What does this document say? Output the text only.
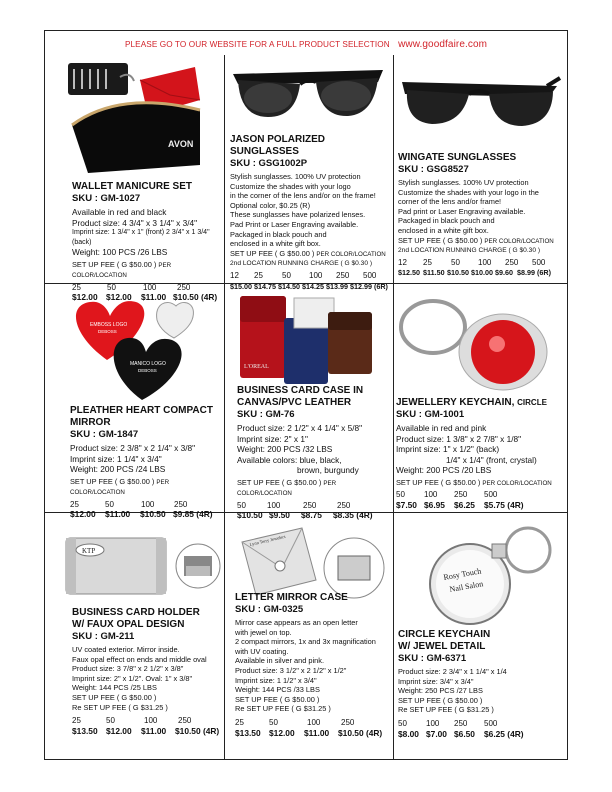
PLEASE GO TO OUR WEBSITE FOR A FULL PRODUCT SELECTION www.goodfaire.com
AVON
WALLET MANICURE SET
SKU : GM-1027
Available in red and black
Product size: 4 3/4" x 3 1/4" x 3/4"
Imprint size: 1 3/4" x 1" (front) 2 3/4" x 1 3/4" (back)
Weight: 100 PCS /26 LBS
SET UP FEE ( G $50.00 ) PER COLOR/LOCATION
25	50	100	250
$12.00 $12.00	$11.00 $10.50 (4R)
JASON POLARIZED SUNGLASSES
SKU : GSG1002P
Stylish sunglasses. 100% UV protection
Customize the shades with your logo
in the corner of the lens and/or on the frame!
Optional color, $0.25 (R)
These sunglasses have polarized lenses.
Pad Print or Laser Engraving available.
Packaged in black pouch and
enclosed in a white gift box.
SET UP FEE ( G $50.00 ) PER COLOR/LOCATION
2nd LOCATION RUNNING CHARGE ( G $0.30 )
12	25	50	100	250	500
$15.00 $14.75 $14.50 $14.25 $13.99 $12.99 (6R)
WINGATE SUNGLASSES
SKU : GSG8527
Stylish sunglasses. 100% UV protection
Customize the shades with your logo in the
corner of the lens and/or frame!
Pad print or Laser Engraving available.
Packaged in black pouch and
enclosed in a white gift box.
SET UP FEE ( G $50.00 ) PER COLOR/LOCATION
2nd LOCATION RUNNING CHARGE ( G $0.30 )
12	25	50	100	250	500
$12.50 $11.50 $10.50 $10.00 $9.60 $8.99 (6R)
EMBOSS LOGO
DEBOSS
MANICO LOGO
DEBOSS
L'OREAL
PLEATHER HEART COMPACT
MIRROR
SKU : GM-1847
Product size: 2 3/8" x 2 1/4" x 3/8"
Imprint size: 1 1/4" x 3/4"
Weight: 200 PCS /24 LBS
SET UP FEE ( G $50.00 ) PER COLOR/LOCATION
25	50	100	250
$12.00	$11.00	$10.50 $9.85 (4R)
BUSINESS CARD CASE IN
CANVAS/PVC LEATHER
SKU : GM-76
Product size: 2 1/2" x 4 1/4" x 5/8"
Imprint size: 2" x 1"
Weight: 200 PCS /32 LBS
Available colors: blue, black,
brown, burgundy
SET UP FEE ( G $50.00 ) PER COLOR/LOCATION
50	100	250	250
$10.50 $9.50	$8.75	$8.35 (4R)
JEWELLERY KEYCHAIN, CIRCLE
SKU : GM-1001
Available in red and pink
Product size: 1 3/8" x 2 7/8" x 1/8"
Imprint size: 1" x 1/2" (back)
1/4" x 1/4" (front, crystal)
Weight: 200 PCS /20 LBS
SET UP FEE ( G $50.00 ) PER COLOR/LOCATION
50	100	250	500
$7.50 $6.95	$6.25	$5.75 (4R)
KTP
Lynn Terry Jewelers
Rosy Touch
Nail Salon
BUSINESS CARD HOLDER
W/ FAUX OPAL DESIGN
SKU : GM-211
UV coated exterior. Mirror inside.
Faux opal effect on ends and middle oval
Product size: 3 7/8" x 2 1/2" x 3/8"
Imprint size: 2" x 1/2". Oval: 1" x 3/8"
Weight: 144 PCS /25 LBS
SET UP FEE ( G $50.00 )
Re SET UP FEE ( G $31.25 )
25	50	100	250
$13.50 $12.00	$11.00	$10.50 (4R)
LETTER MIRROR CASE
SKU : GM-0325
Mirror case appears as an open letter
with jewel on top.
2 compact mirrors, 1x and 3x magnification
with UV coating.
Available in silver and pink.
Product size: 3 1/2" x 2 1/2" x 1/2"
Imprint size: 1 1/2" x 3/4"
Weight: 144 PCS /33 LBS
SET UP FEE ( G $50.00 )
Re SET UP FEE ( G $31.25 )
25	50	100	250
$13.50 $12.00	$11.00	$10.50 (4R)
CIRCLE KEYCHAIN
W/ JEWEL DETAIL
SKU : GM-6371
Product size: 2 3/4" x 1 1/4" x 1/4
Imprint size: 3/4" x 3/4"
Weight: 250 PCS /27 LBS
SET UP FEE ( G $50.00 )
Re SET UP FEE ( G $31.25 )
50	100	250	500
$8.00 $7.00 $6.50	$6.25 (4R)
